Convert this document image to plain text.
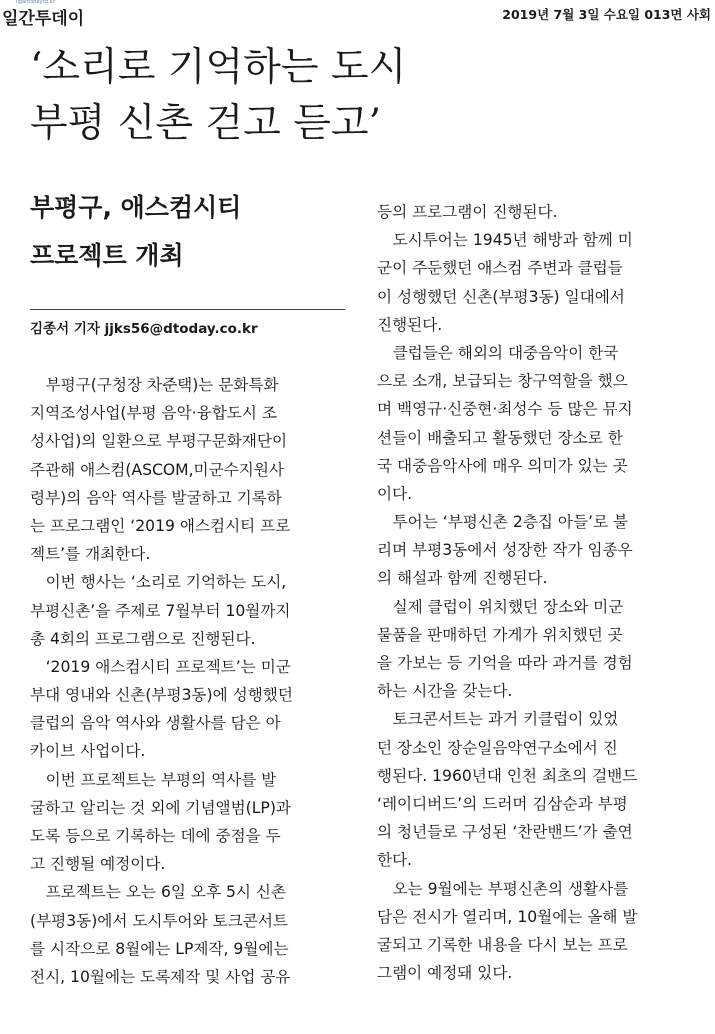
Ilgantodayco.kr
일간투데이	2019년 7월 3일 수요일 013면 사회
‘소리로 기억하는 도시
부평 신촌 걷고 듣고’
부평구, 애스컴시티
프로젝트 개최
김종서 기자 jjks56@dtoday.co.kr
　부평구(구청장 차준택)는 문화특화
지역조성사업(부평 음악·융합도시 조
성사업)의 일환으로 부평구문화재단이
주관해 애스컴(ASCOM,미군수지원사
령부)의 음악 역사를 발굴하고 기록하
는 프로그램인 ‘2019 애스컴시티 프로
젝트’를 개최한다.
　이번 행사는 ‘소리로 기억하는 도시,
부평신촌’을 주제로 7월부터 10월까지
총 4회의 프로그램으로 진행된다.
　‘2019 애스컴시티 프로젝트’는 미군
부대 영내와 신촌(부평3동)에 성행했던
클럽의 음악 역사와 생활사를 담은 아
카이브 사업이다.
　이번 프로젝트는 부평의 역사를 발
굴하고 알리는 것 외에 기념앨범(LP)과
도록 등으로 기록하는 데에 중점을 두
고 진행될 예정이다.
　프로젝트는 오는 6일 오후 5시 신촌
(부평3동)에서 도시투어와 토크콘서트
를 시작으로 8월에는 LP제작, 9월에는
전시, 10월에는 도록제작 및 사업 공유
등의 프로그램이 진행된다.
　도시투어는 1945년 해방과 함께 미
군이 주둔했던 애스컴 주변과 클럽들
이 성행했던 신촌(부평3동) 일대에서
진행된다.
　클럽들은 해외의 대중음악이 한국
으로 소개, 보급되는 창구역할을 했으
며 백영규·신중현·최성수 등 많은 뮤지
션들이 배출되고 활동했던 장소로 한
국 대중음악사에 매우 의미가 있는 곳
이다.
　투어는 ‘부평신촌 2층집 아들’로 불
리며 부평3동에서 성장한 작가 임종우
의 해설과 함께 진행된다.
　실제 클럽이 위치했던 장소와 미군
물품을 판매하던 가게가 위치했던 곳
을 가보는 등 기억을 따라 과거를 경험
하는 시간을 갖는다.
　토크콘서트는 과거 키클럽이 있었
던 장소인 장순일음악연구소에서 진
행된다. 1960년대 인천 최초의 걸밴드
‘레이디버드’의 드러머 김삼순과 부평
의 청년들로 구성된 ‘찬란밴드’가 출연
한다.
　오는 9월에는 부평신촌의 생활사를
담은 전시가 열리며, 10월에는 올해 발
굴되고 기록한 내용을 다시 보는 프로
그램이 예정돼 있다.
